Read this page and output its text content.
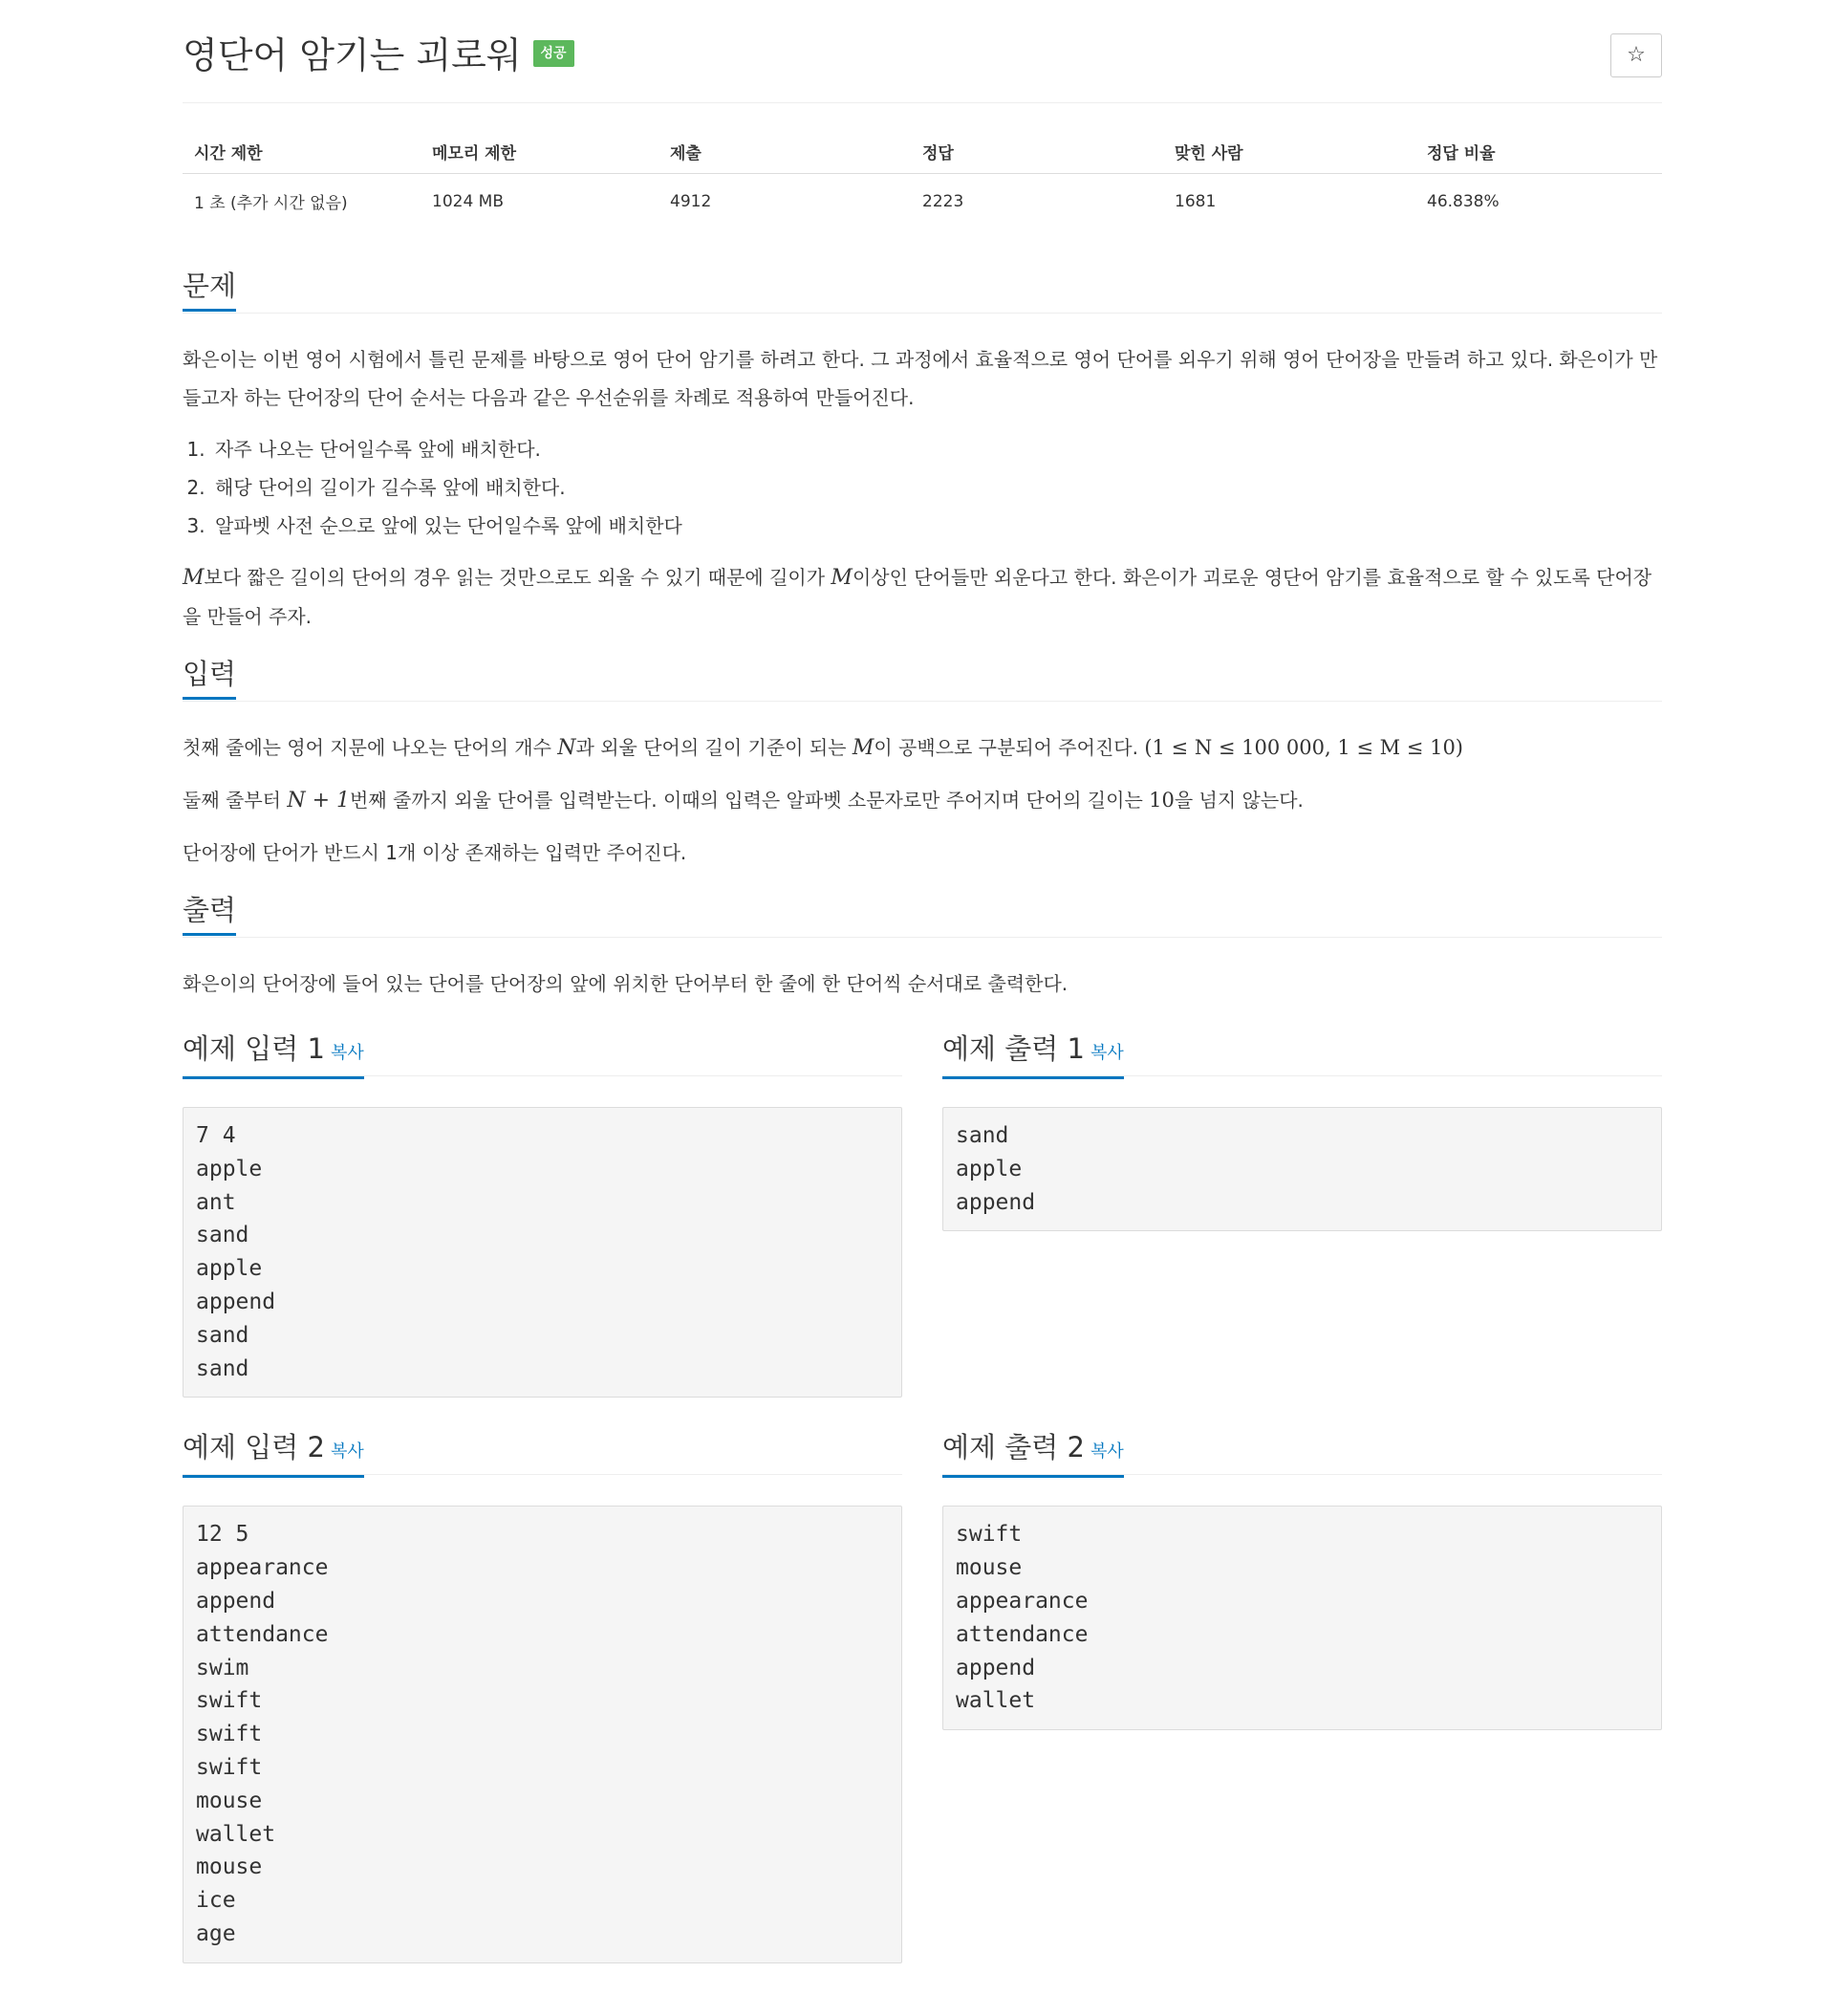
영단어 암기는 괴로워 성공	☆
시간 제한	메모리 제한	제출	정답	맞힌 사람	정답 비율
1 초 (추가 시간 없음)	1024 MB	4912	2223	1681	46.838%
문제

화은이는 이번 영어 시험에서 틀린 문제를 바탕으로 영어 단어 암기를 하려고 한다. 그 과정에서 효율적으로 영어 단어를 외우기 위해 영어 단어장을 만들려 하고 있다. 화은이가 만들고자 하는 단어장의 단어 순서는 다음과 같은 우선순위를 차례로 적용하여 만들어진다.

1. 자주 나오는 단어일수록 앞에 배치한다.
2. 해당 단어의 길이가 길수록 앞에 배치한다.
3. 알파벳 사전 순으로 앞에 있는 단어일수록 앞에 배치한다

M보다 짧은 길이의 단어의 경우 읽는 것만으로도 외울 수 있기 때문에 길이가 M이상인 단어들만 외운다고 한다. 화은이가 괴로운 영단어 암기를 효율적으로 할 수 있도록 단어장을 만들어 주자.

입력

첫째 줄에는 영어 지문에 나오는 단어의 개수 N과 외울 단어의 길이 기준이 되는 M이 공백으로 구분되어 주어진다. (1 ≤ N ≤ 100 000, 1 ≤ M ≤ 10)

둘째 줄부터 N + 1번째 줄까지 외울 단어를 입력받는다. 이때의 입력은 알파벳 소문자로만 주어지며 단어의 길이는 10을 넘지 않는다.

단어장에 단어가 반드시 1개 이상 존재하는 입력만 주어진다.

출력

화은이의 단어장에 들어 있는 단어를 단어장의 앞에 위치한 단어부터 한 줄에 한 단어씩 순서대로 출력한다.

예제 입력 1 복사
7 4
apple
ant
sand
apple
append
sand
sand
예제 출력 1 복사
sand
apple
append
예제 입력 2 복사
12 5
appearance
append
attendance
swim
swift
swift
swift
mouse
wallet
mouse
ice
age
예제 출력 2 복사
swift
mouse
appearance
attendance
append
wallet
